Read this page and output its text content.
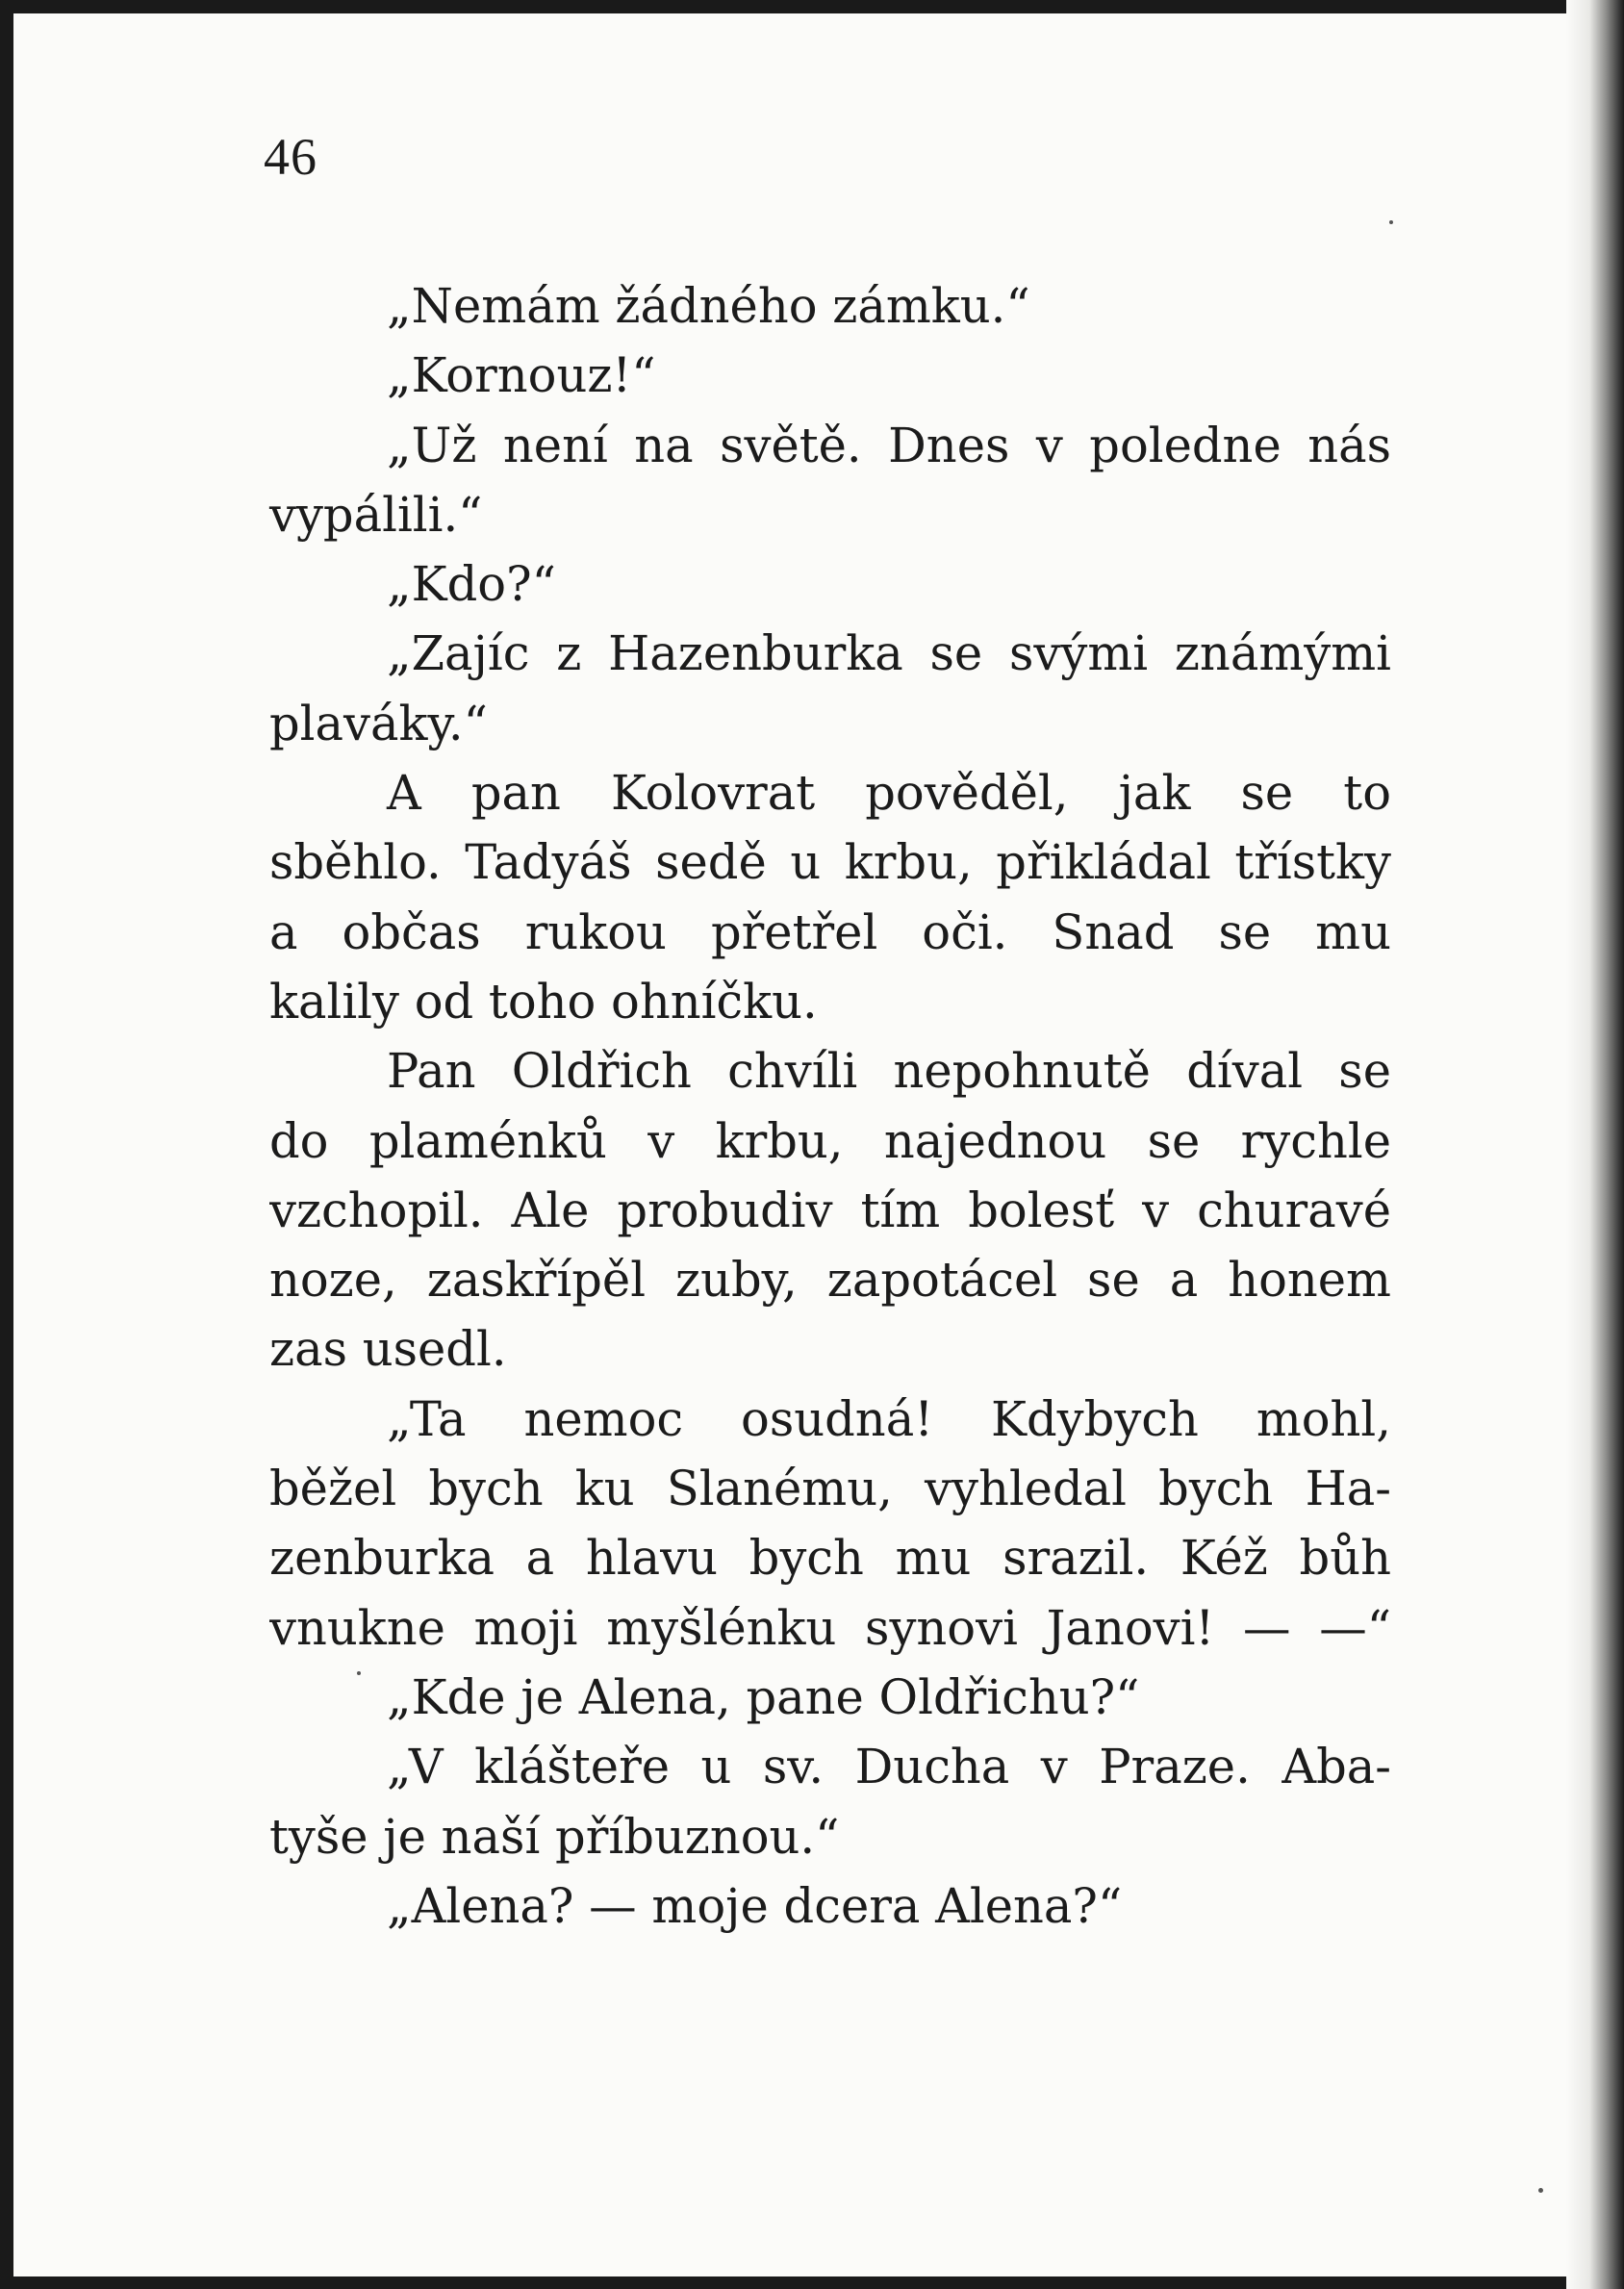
46
„Nemám žádného zámku.“
„Kornouz!“
„Už není na světě. Dnes v poledne nás
vypálili.“
„Kdo?“
„Zajíc z Hazenburka se svými známými
plaváky.“
A pan Kolovrat pověděl, jak se to
sběhlo. Tadyáš sedě u krbu, přikládal třístky
a občas rukou přetřel oči. Snad se mu
kalily od toho ohníčku.
Pan Oldřich chvíli nepohnutě díval se
do plaménků v krbu, najednou se rychle
vzchopil. Ale probudiv tím bolesť v churavé
noze, zaskřípěl zuby, zapotácel se a honem
zas usedl.
„Ta nemoc osudná! Kdybych mohl,
běžel bych ku Slanému, vyhledal bych Ha-
zenburka a hlavu bych mu srazil. Kéž bůh
vnukne moji myšlénku synovi Janovi! — —“
„Kde je Alena, pane Oldřichu?“
„V klášteře u sv. Ducha v Praze. Aba-
tyše je naší příbuznou.“
„Alena? — moje dcera Alena?“
